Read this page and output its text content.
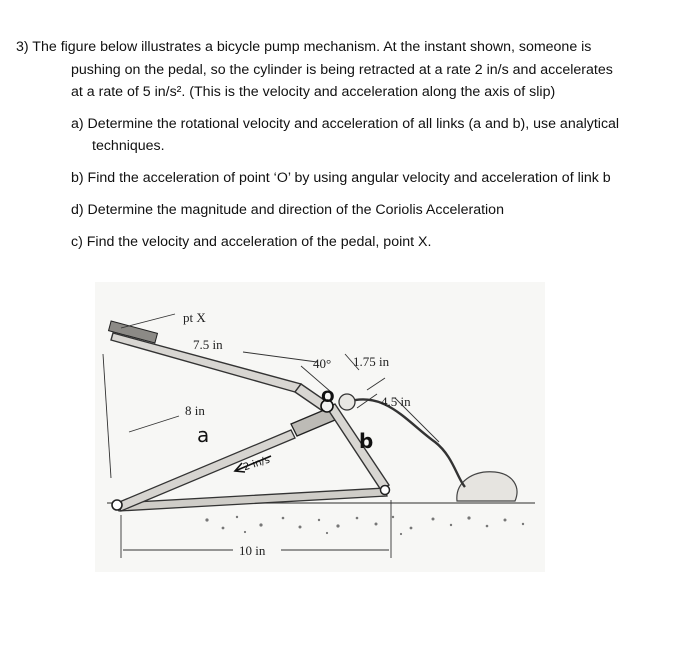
3) The figure below illustrates a bicycle pump mechanism. At the instant shown, someone is
pushing on the pedal, so the cylinder is being retracted at a rate 2 in/s and accelerates
at a rate of 5 in/s². (This is the velocity and acceleration along the axis of slip)
a) Determine the rotational velocity and acceleration of all links (a and b), use analytical
techniques.
b) Find the acceleration of point ‘O’ by using angular velocity and acceleration of link b
d) Determine the magnitude and direction of the Coriolis Acceleration
c) Find the velocity and acceleration of the pedal, point X.
pt X
7.5 in
8 in
a
40° 1.75 in
4.5 in
O
b
2 in/s
10 in
